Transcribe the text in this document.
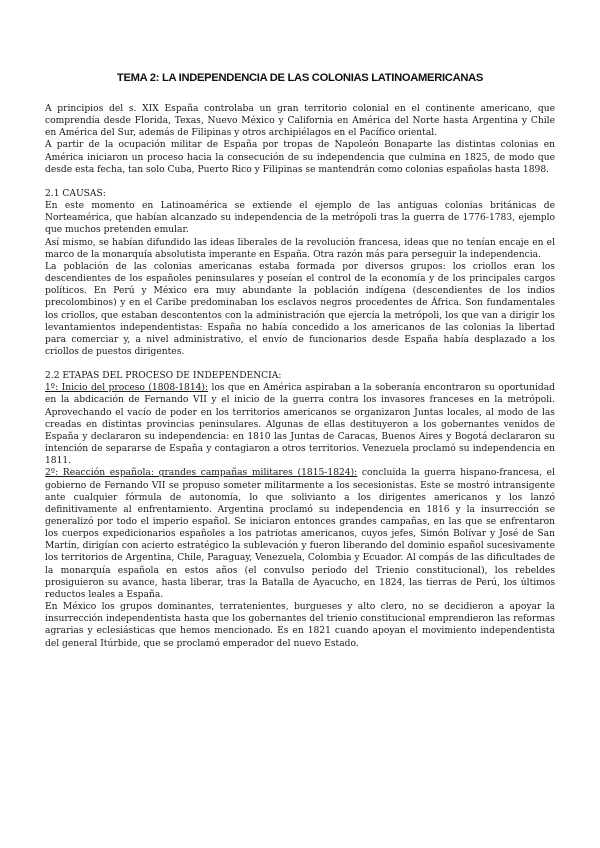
TEMA 2: LA INDEPENDENCIA DE LAS COLONIAS LATINOAMERICANAS

A principios del s. XIX España controlaba un gran territorio colonial en el continente americano, que comprendía desde Florida, Texas, Nuevo México y California en América del Norte hasta Argentina y Chile en América del Sur, además de Filipinas y otros archipiélagos en el Pacífico oriental.

A partir de la ocupación militar de España por tropas de Napoleón Bonaparte las distintas colonias en América iniciaron un proceso hacia la consecución de su independencia que culmina en 1825, de modo que desde esta fecha, tan solo Cuba, Puerto Rico y Filipinas se mantendrán como colonias españolas hasta 1898.

2.1 CAUSAS:

En este momento en Latinoamérica se extiende el ejemplo de las antiguas colonias británicas de Norteamérica, que habían alcanzado su independencia de la metrópoli tras la guerra de 1776-1783, ejemplo que muchos pretenden emular.

Así mismo, se habían difundido las ideas liberales de la revolución francesa, ideas que no tenían encaje en el marco de la monarquía absolutista imperante en España. Otra razón más para perseguir la independencia.

La población de las colonias americanas estaba formada por diversos grupos: los criollos eran los descendientes de los españoles peninsulares y poseían el control de la economía y de los principales cargos políticos. En Perú y México era muy abundante la población indígena (descendientes de los indios precolombinos) y en el Caribe predominaban los esclavos negros procedentes de África. Son fundamentales los criollos, que estaban descontentos con la administración que ejercía la metrópoli, los que van a dirigir los levantamientos independentistas: España no había concedido a los americanos de las colonias la libertad para comerciar y, a nivel administrativo, el envío de funcionarios desde España había desplazado a los criollos de puestos dirigentes.

2.2 ETAPAS DEL PROCESO DE INDEPENDENCIA:

1º: Inicio del proceso (1808-1814): los que en América aspiraban a la soberanía encontraron su oportunidad en la abdicación de Fernando VII y el inicio de la guerra contra los invasores franceses en la metrópoli. Aprovechando el vacío de poder en los territorios americanos se organizaron Juntas locales, al modo de las creadas en distintas provincias peninsulares. Algunas de ellas destituyeron a los gobernantes venidos de España y declararon su independencia: en 1810 las Juntas de Caracas, Buenos Aires y Bogotá declararon su intención de separarse de España y contagiaron a otros territorios. Venezuela proclamó su independencia en 1811.

2º: Reacción española: grandes campañas militares (1815-1824): concluida la guerra hispano-francesa, el gobierno de Fernando VII se propuso someter militarmente a los secesionistas. Este se mostró intransigente ante cualquier fórmula de autonomía, lo que solivianto a los dirigentes americanos y los lanzó definitivamente al enfrentamiento. Argentina proclamó su independencia en 1816 y la insurrección se generalizó por todo el imperio español. Se iniciaron entonces grandes campañas, en las que se enfrentaron los cuerpos expedicionarios españoles a los patriotas americanos, cuyos jefes, Simón Bolívar y José de San Martín, dirigían con acierto estratégico la sublevación y fueron liberando del dominio español sucesivamente los territorios de Argentina, Chile, Paraguay, Venezuela, Colombia y Ecuador. Al compás de las dificultades de la monarquía española en estos años (el convulso periodo del Trienio constitucional), los rebeldes prosiguieron su avance, hasta liberar, tras la Batalla de Ayacucho, en 1824, las tierras de Perú, los últimos reductos leales a España.

En México los grupos dominantes, terratenientes, burgueses y alto clero, no se decidieron a apoyar la insurrección independentista hasta que los gobernantes del trienio constitucional emprendieron las reformas agrarias y eclesiásticas que hemos mencionado. Es en 1821 cuando apoyan el movimiento independentista del general Itúrbide, que se proclamó emperador del nuevo Estado.
